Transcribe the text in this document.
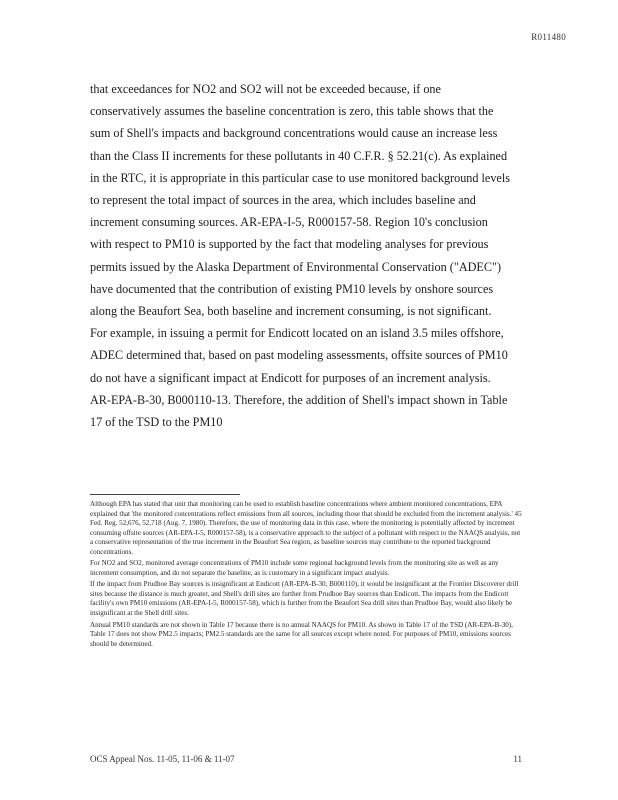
R011480

that exceedances for NO2 and SO2 will not be exceeded because, if one conservatively assumes the baseline concentration is zero, this table shows that the sum of Shell's impacts and background concentrations would cause an increase less than the Class II increments for these pollutants in 40 C.F.R. § 52.21(c). As explained in the RTC, it is appropriate in this particular case to use monitored background levels to represent the total impact of sources in the area, which includes baseline and increment consuming sources. AR-EPA-I-5, R000157-58. Region 10's conclusion with respect to PM10 is supported by the fact that modeling analyses for previous permits issued by the Alaska Department of Environmental Conservation ("ADEC") have documented that the contribution of existing PM10 levels by onshore sources along the Beaufort Sea, both baseline and increment consuming, is not significant. For example, in issuing a permit for Endicott located on an island 3.5 miles offshore, ADEC determined that, based on past modeling assessments, offsite sources of PM10 do not have a significant impact at Endicott for purposes of an increment analysis. AR-EPA-B-30, B000110-13. Therefore, the addition of Shell's impact shown in Table 17 of the TSD to the PM10

Although EPA has stated that unit that monitoring can be used to establish baseline concentrations where ambient monitored concentrations, EPA explained that 'the monitored concentrations reflect emissions from all sources, including those that should be excluded from the increment analysis.' 45 Fed. Reg. 52,676, 52,718 (Aug. 7, 1980). Therefore, the use of monitoring data in this case, where the monitoring is potentially affected by increment consuming offsite sources (AR-EPA-I-5, R000157-58), is a conservative approach to the subject of a pollutant with respect to the NAAQS analysis, not a conservative representation of the true increment in the Beaufort Sea region, as baseline sources may contribute to the reported background concentrations.

For NO2 and SO2, monitored average concentrations of PM10 include some regional background levels from the monitoring site as well as any increment consumption, and do not separate the baseline, as is customary in a significant impact analysis.

If the impact from Prudhoe Bay sources is insignificant at Endicott (AR-EPA-B-30, B000110), it would be insignificant at the Frontier Discoverer drill sites because the distance is much greater, and Shell's drill sites are further from Prudhoe Bay sources than Endicott. The impacts from the Endicott facility's own PM10 emissions (AR-EPA-I-5, R000157-58), which is further from the Beaufort Sea drill sites than Prudhoe Bay, would also likely be insignificant at the Shell drill sites.

Annual PM10 standards are not shown in Table 17 because there is no annual NAAQS for PM10. As shown in Table 17 of the TSD (AR-EPA-B-30), Table 17 does not show PM2.5 impacts; PM2.5 standards are the same for all sources except where noted. For purposes of PM10, emissions sources should be determined.

OCS Appeal Nos. 11-05, 11-06 & 11-07	11
